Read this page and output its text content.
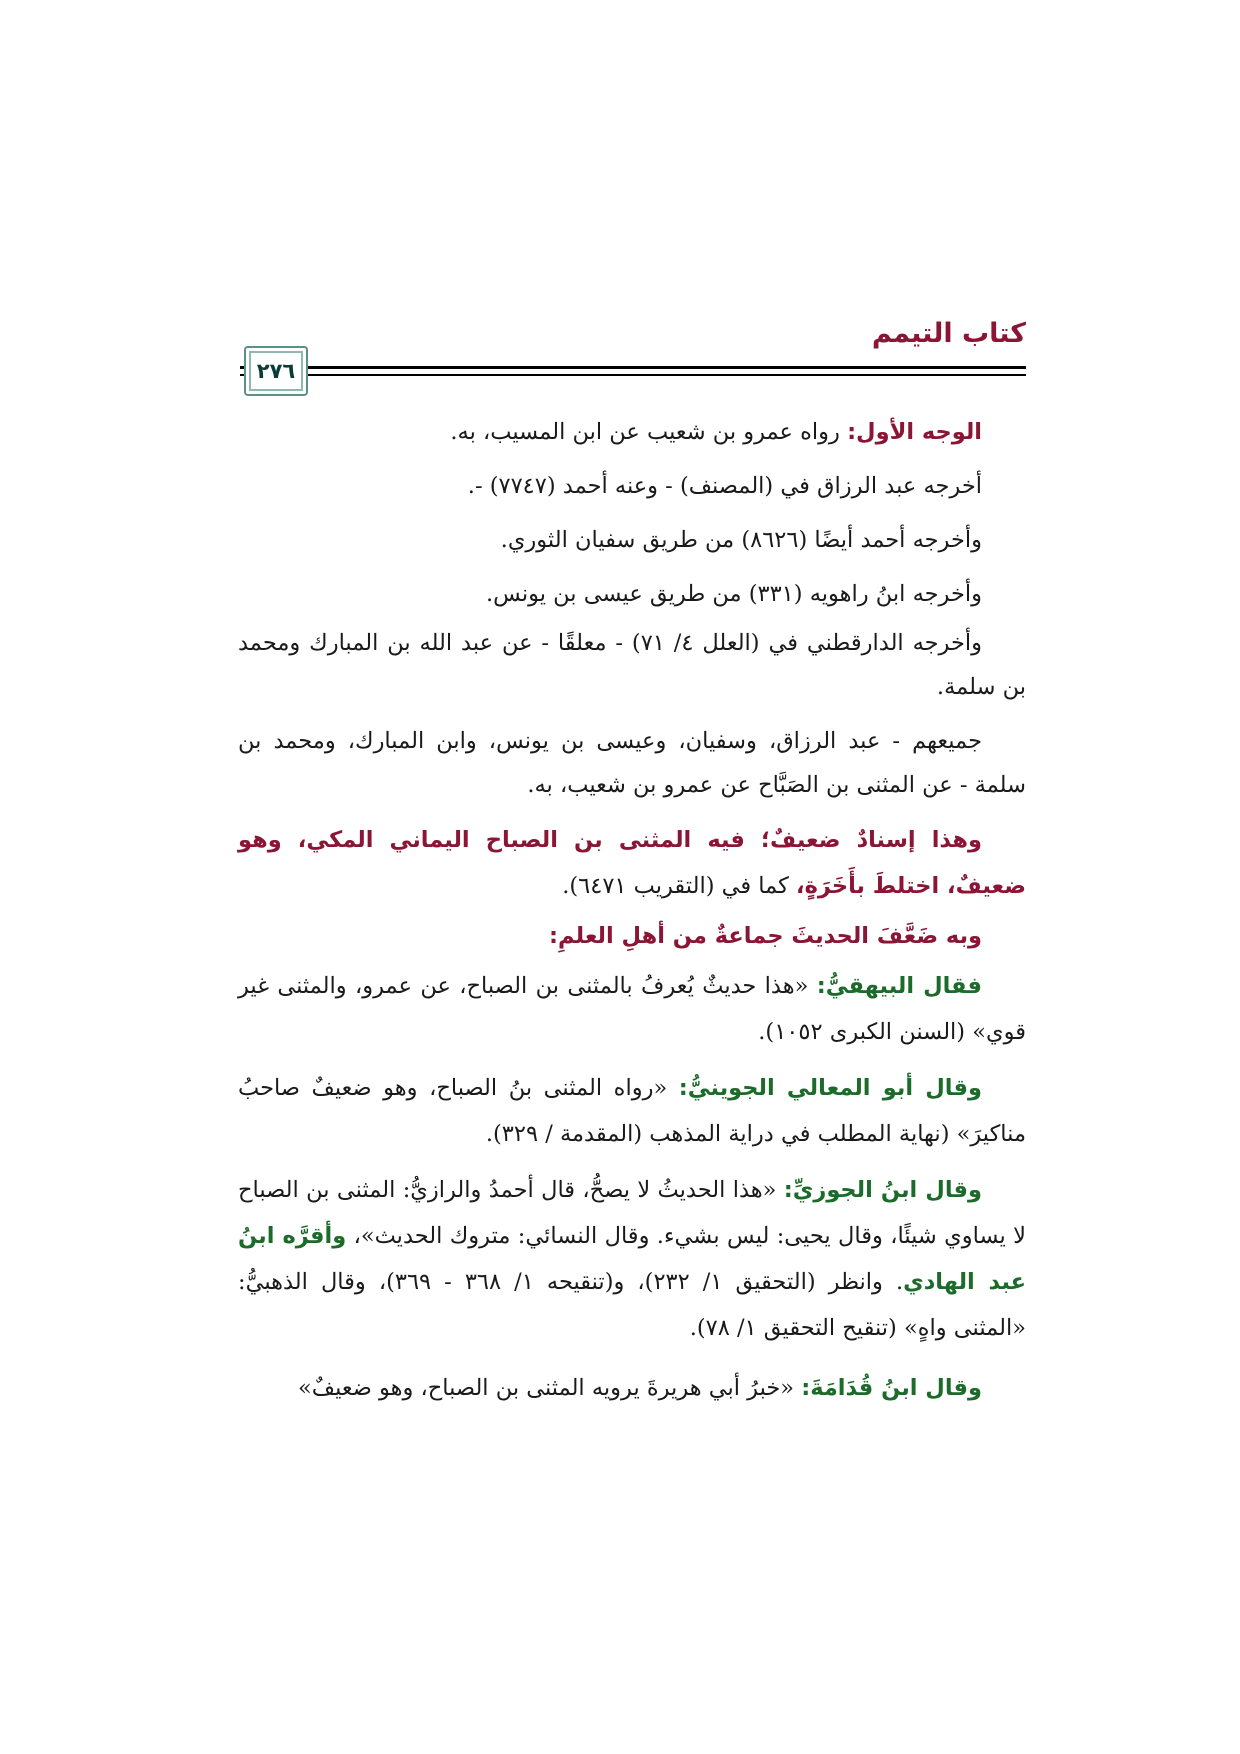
كتاب التيمم
٢٧٦

الوجه الأول: رواه عمرو بن شعيب عن ابن المسيب، به.

أخرجه عبد الرزاق في (المصنف) - وعنه أحمد (٧٧٤٧) -.

وأخرجه أحمد أيضًا (٨٦٢٦) من طريق سفيان الثوري.

وأخرجه ابنُ راهويه (٣٣١) من طريق عيسى بن يونس.

وأخرجه الدارقطني في (العلل ٤/ ٧١) - معلقًا - عن عبد الله بن المبارك ومحمد بن سلمة.

جميعهم - عبد الرزاق، وسفيان، وعيسى بن يونس، وابن المبارك، ومحمد بن سلمة - عن المثنى بن الصَبَّاح عن عمرو بن شعيب، به.

وهذا إسنادٌ ضعيفٌ؛ فيه المثنى بن الصباح اليماني المكي، وهو ضعيفٌ، اختلطَ بأَخَرَةٍ، كما في (التقريب ٦٤٧١).

وبه ضَعَّفَ الحديثَ جماعةٌ من أهلِ العلمِ:

فقال البيهقيُّ: «هذا حديثٌ يُعرفُ بالمثنى بن الصباح، عن عمرو، والمثنى غير قوي» (السنن الكبرى ١٠٥٢).

وقال أبو المعالي الجوينيُّ: «رواه المثنى بنُ الصباح، وهو ضعيفٌ صاحبُ مناكيرَ» (نهاية المطلب في دراية المذهب (المقدمة / ٣٢٩).

وقال ابنُ الجوزيِّ: «هذا الحديثُ لا يصحُّ، قال أحمدُ والرازيُّ: المثنى بن الصباح لا يساوي شيئًا، وقال يحيى: ليس بشيء. وقال النسائي: متروك الحديث»، وأقرَّه ابنُ عبد الهادي. وانظر (التحقيق ١/ ٢٣٢)، و(تنقيحه ١/ ٣٦٨ - ٣٦٩)، وقال الذهبيُّ: «المثنى واهٍ» (تنقيح التحقيق ١/ ٧٨).

وقال ابنُ قُدَامَةَ: «خبرُ أبي هريرةَ يرويه المثنى بن الصباح، وهو ضعيفٌ»
